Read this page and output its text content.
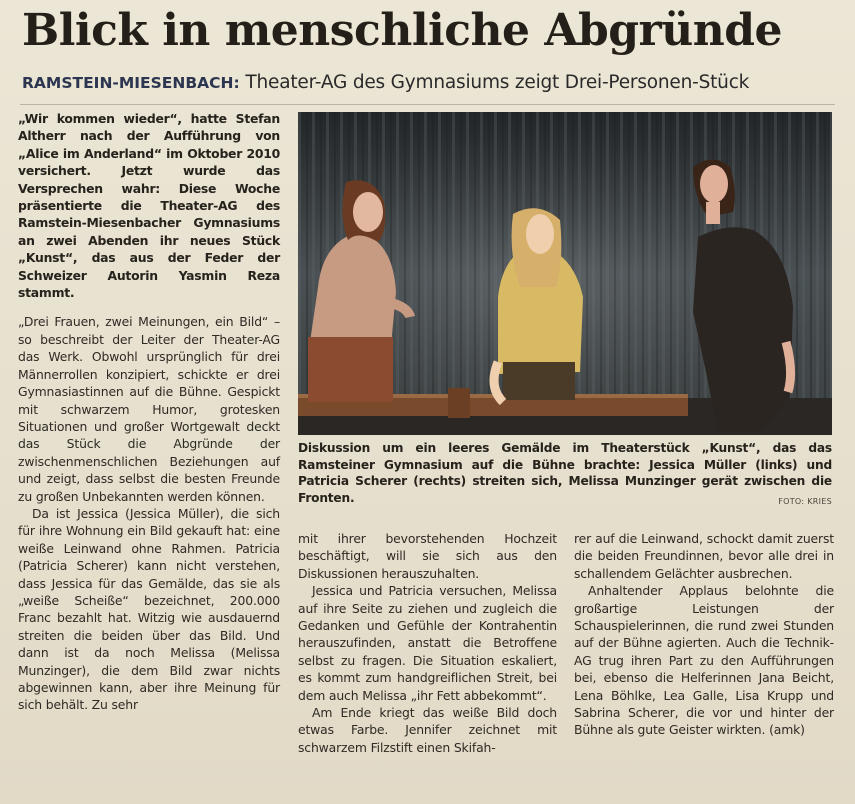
Blick in menschliche Abgründe
RAMSTEIN-MIESENBACH: Theater-AG des Gymnasiums zeigt Drei-Personen-Stück

„Wir kommen wieder“, hatte Stefan Altherr nach der Aufführung von „Alice im Anderland“ im Oktober 2010 versichert. Jetzt wurde das Versprechen wahr: Diese Woche präsentierte die Theater-AG des Ramstein-Miesenbacher Gymnasiums an zwei Abenden ihr neues Stück „Kunst“, das aus der Feder der Schweizer Autorin Yasmin Reza stammt.

„Drei Frauen, zwei Meinungen, ein Bild“ – so beschreibt der Leiter der Theater-AG das Werk. Obwohl ursprünglich für drei Männerrollen konzipiert, schickte er drei Gymnasiastinnen auf die Bühne. Gespickt mit schwarzem Humor, grotesken Situationen und großer Wortgewalt deckt das Stück die Abgründe der zwischenmenschlichen Beziehungen auf und zeigt, dass selbst die besten Freunde zu großen Unbekannten werden können.

Da ist Jessica (Jessica Müller), die sich für ihre Wohnung ein Bild gekauft hat: eine weiße Leinwand ohne Rahmen. Patricia (Patricia Scherer) kann nicht verstehen, dass Jessica für das Gemälde, das sie als „weiße Scheiße“ bezeichnet, 200.000 Franc bezahlt hat. Witzig wie ausdauernd streiten die beiden über das Bild. Und dann ist da noch Melissa (Melissa Munzinger), die dem Bild zwar nichts abgewinnen kann, aber ihre Meinung für sich behält. Zu sehr

Diskussion um ein leeres Gemälde im Theaterstück „Kunst“, das das Ramsteiner Gymnasium auf die Bühne brachte: Jessica Müller (links) und Patricia Scherer (rechts) streiten sich, Melissa Munzinger gerät zwischen die Fronten.	FOTO: KRIES

mit ihrer bevorstehenden Hochzeit beschäftigt, will sie sich aus den Diskussionen herauszuhalten.

Jessica und Patricia versuchen, Melissa auf ihre Seite zu ziehen und zugleich die Gedanken und Gefühle der Kontrahentin herauszufinden, anstatt die Betroffene selbst zu fragen. Die Situation eskaliert, es kommt zum handgreiflichen Streit, bei dem auch Melissa „ihr Fett abbekommt“.

Am Ende kriegt das weiße Bild doch etwas Farbe. Jennifer zeichnet mit schwarzem Filzstift einen Skifah-

rer auf die Leinwand, schockt damit zuerst die beiden Freundinnen, bevor alle drei in schallendem Gelächter ausbrechen.

Anhaltender Applaus belohnte die großartige Leistungen der Schauspielerinnen, die rund zwei Stunden auf der Bühne agierten. Auch die Technik-AG trug ihren Part zu den Aufführungen bei, ebenso die Helferinnen Jana Beicht, Lena Böhlke, Lea Galle, Lisa Krupp und Sabrina Scherer, die vor und hinter der Bühne als gute Geister wirkten. (amk)
